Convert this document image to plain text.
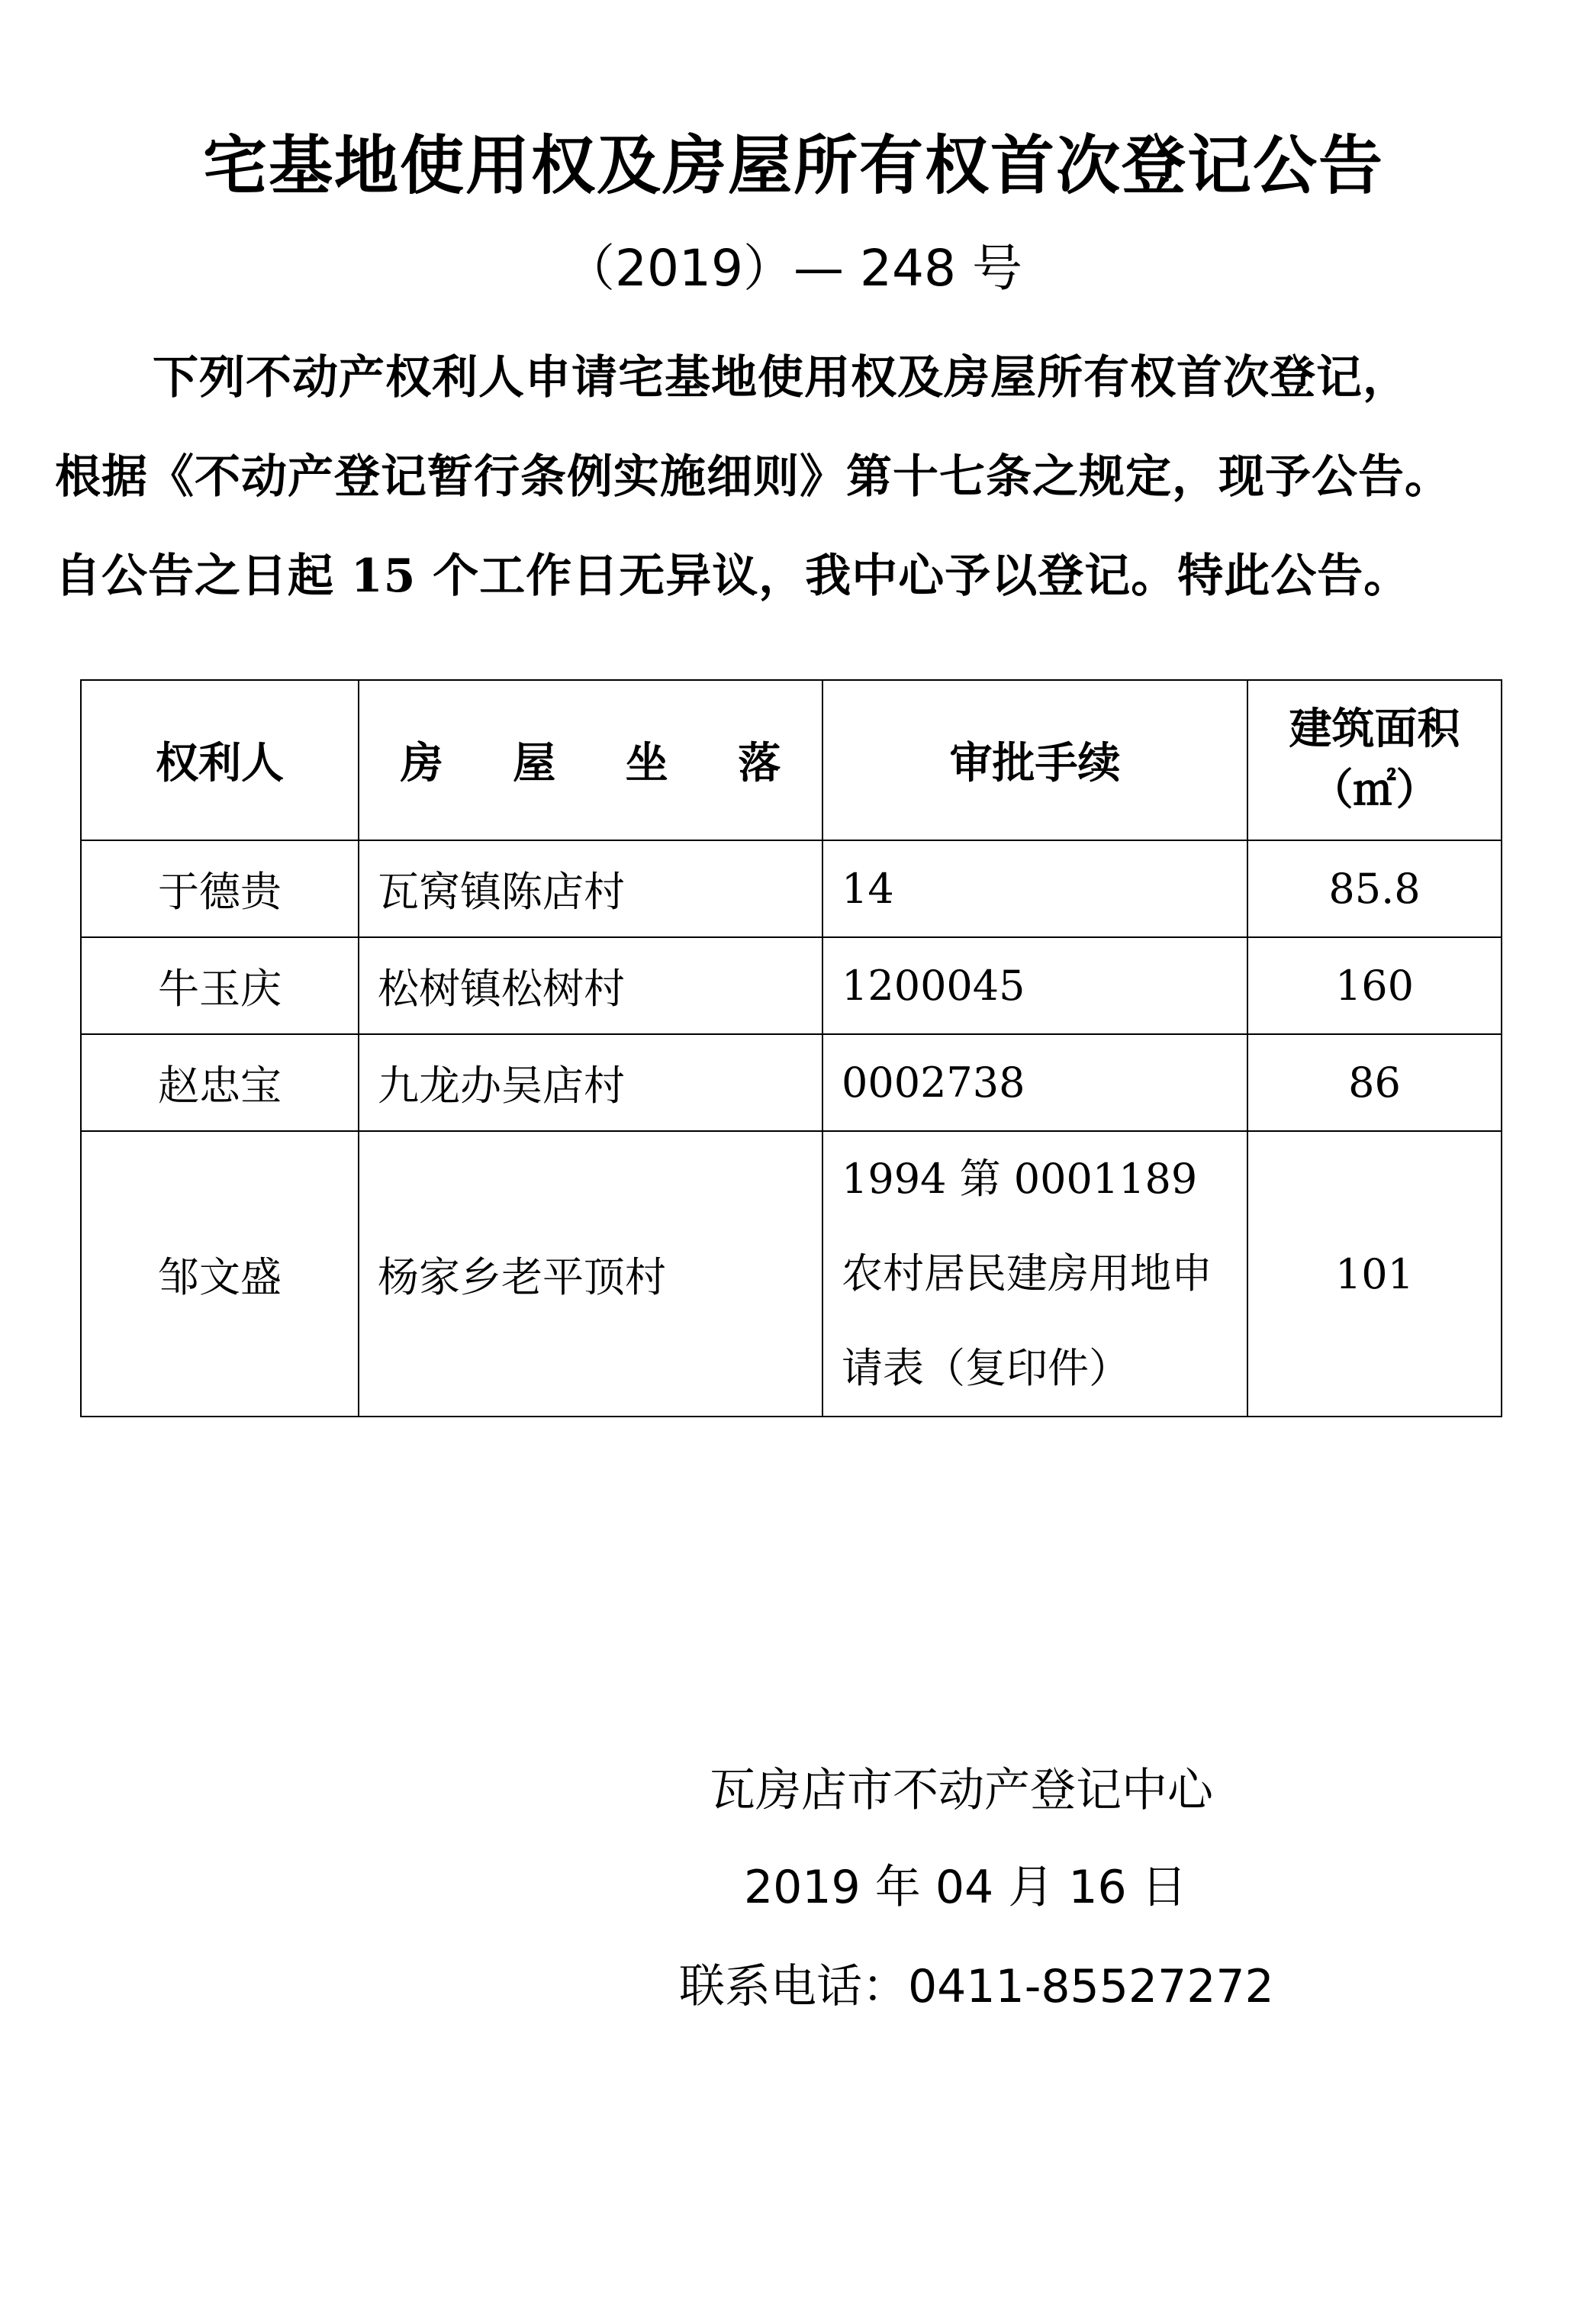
宅基地使用权及房屋所有权首次登记公告
（2019）— 248 号
下列不动产权利人申请宅基地使用权及房屋所有权首次登记，
根据《不动产登记暂行条例实施细则》第十七条之规定，现予公告。
自公告之日起 15 个工作日无异议，我中心予以登记。特此公告。
权利人	房 屋 坐 落	审批手续	建筑面积
（㎡）

于德贵	瓦窝镇陈店村	14	85.8
牛玉庆	松树镇松树村	1200045	160
赵忠宝	九龙办吴店村	0002738	86
邹文盛	杨家乡老平顶村	1994 第 0001189 农村居民建房用地申请表（复印件）	101
瓦房店市不动产登记中心
2019 年 04 月 16 日
联系电话：0411-85527272
